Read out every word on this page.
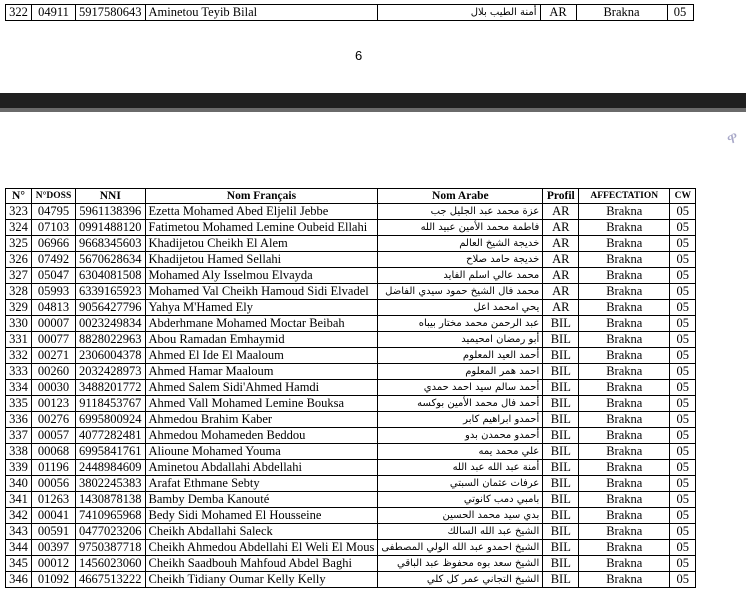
322	04911	5917580643	Aminetou Teyib Bilal	أمنة الطيب بلال	AR	Brakna	05
6
ዋ
N°	N°DOSS	NNI	Nom Français	Nom Arabe	Profil	AFFECTATION	CW
323	04795	5961138396	Ezetta Mohamed Abed Eljelil Jebbe	عزة محمد عبد الجليل جب	AR	Brakna	05
324	07103	0991488120	Fatimetou Mohamed Lemine Oubeid Ellahi	فاطمة محمد الأمين عبيد الله	AR	Brakna	05
325	06966	9668345603	Khadijetou Cheikh El Alem	خديجة الشيخ العالم	AR	Brakna	05
326	07492	5670628634	Khadijetou Hamed Sellahi	خديجة حامد صلاح	AR	Brakna	05
327	05047	6304081508	Mohamed Aly Isselmou Elvayda	محمد عالي اسلم الفايد	AR	Brakna	05
328	05993	6339165923	Mohamed Val Cheikh Hamoud Sidi Elvadel	محمد فال الشيخ حمود سيدي الفاضل	AR	Brakna	05
329	04813	9056427796	Yahya M'Hamed Ely	يحي امحمد اعل	AR	Brakna	05
330	00007	0023249834	Abderhmane Mohamed Moctar Beibah	عبد الرحمن محمد مختار بيباه	BIL	Brakna	05
331	00077	8828022963	Abou Ramadan Emhaymid	أبو رمضان امحيميد	BIL	Brakna	05
332	00271	2306004378	Ahmed El Ide El Maaloum	أحمد العيد المعلوم	BIL	Brakna	05
333	00260	2032428973	Ahmed Hamar Maaloum	احمد همر المعلوم	BIL	Brakna	05
334	00030	3488201772	Ahmed Salem Sidi'Ahmed Hamdi	أحمد سالم سيد احمد حمدي	BIL	Brakna	05
335	00123	9118453767	Ahmed Vall Mohamed Lemine Bouksa	أحمد فال محمد الأمين بوكسه	BIL	Brakna	05
336	00276	6995800924	Ahmedou Brahim Kaber	أحمدو ابراهيم كابر	BIL	Brakna	05
337	00057	4077282481	Ahmedou Mohameden Beddou	أحمدو محمدن بدو	BIL	Brakna	05
338	00068	6995841761	Alioune Mohamed Youma	علي محمد يمه	BIL	Brakna	05
339	01196	2448984609	Aminetou Abdallahi Abdellahi	أمنة عبد الله عبد الله	BIL	Brakna	05
340	00056	3802245383	Arafat Ethmane Sebty	عرفات عثمان السبتي	BIL	Brakna	05
341	01263	1430878138	Bamby Demba Kanouté	بامبي دمب كانوتي	BIL	Brakna	05
342	00041	7410965968	Bedy Sidi Mohamed El Housseine	بدي سيد محمد الحسين	BIL	Brakna	05
343	00591	0477023206	Cheikh Abdallahi Saleck	الشيخ عبد الله السالك	BIL	Brakna	05
344	00397	9750387718	Cheikh Ahmedou Abdellahi El Weli El Mous	الشيخ احمدو عبد الله الولي المصطفى	BIL	Brakna	05
345	00012	1456023060	Cheikh Saadbouh Mahfoud Abdel Baghi	الشيخ سعد بوه محفوظ عبد الباقي	BIL	Brakna	05
346	01092	4667513222	Cheikh Tidiany Oumar Kelly Kelly	الشيخ التجاني عمر كل كلي	BIL	Brakna	05
